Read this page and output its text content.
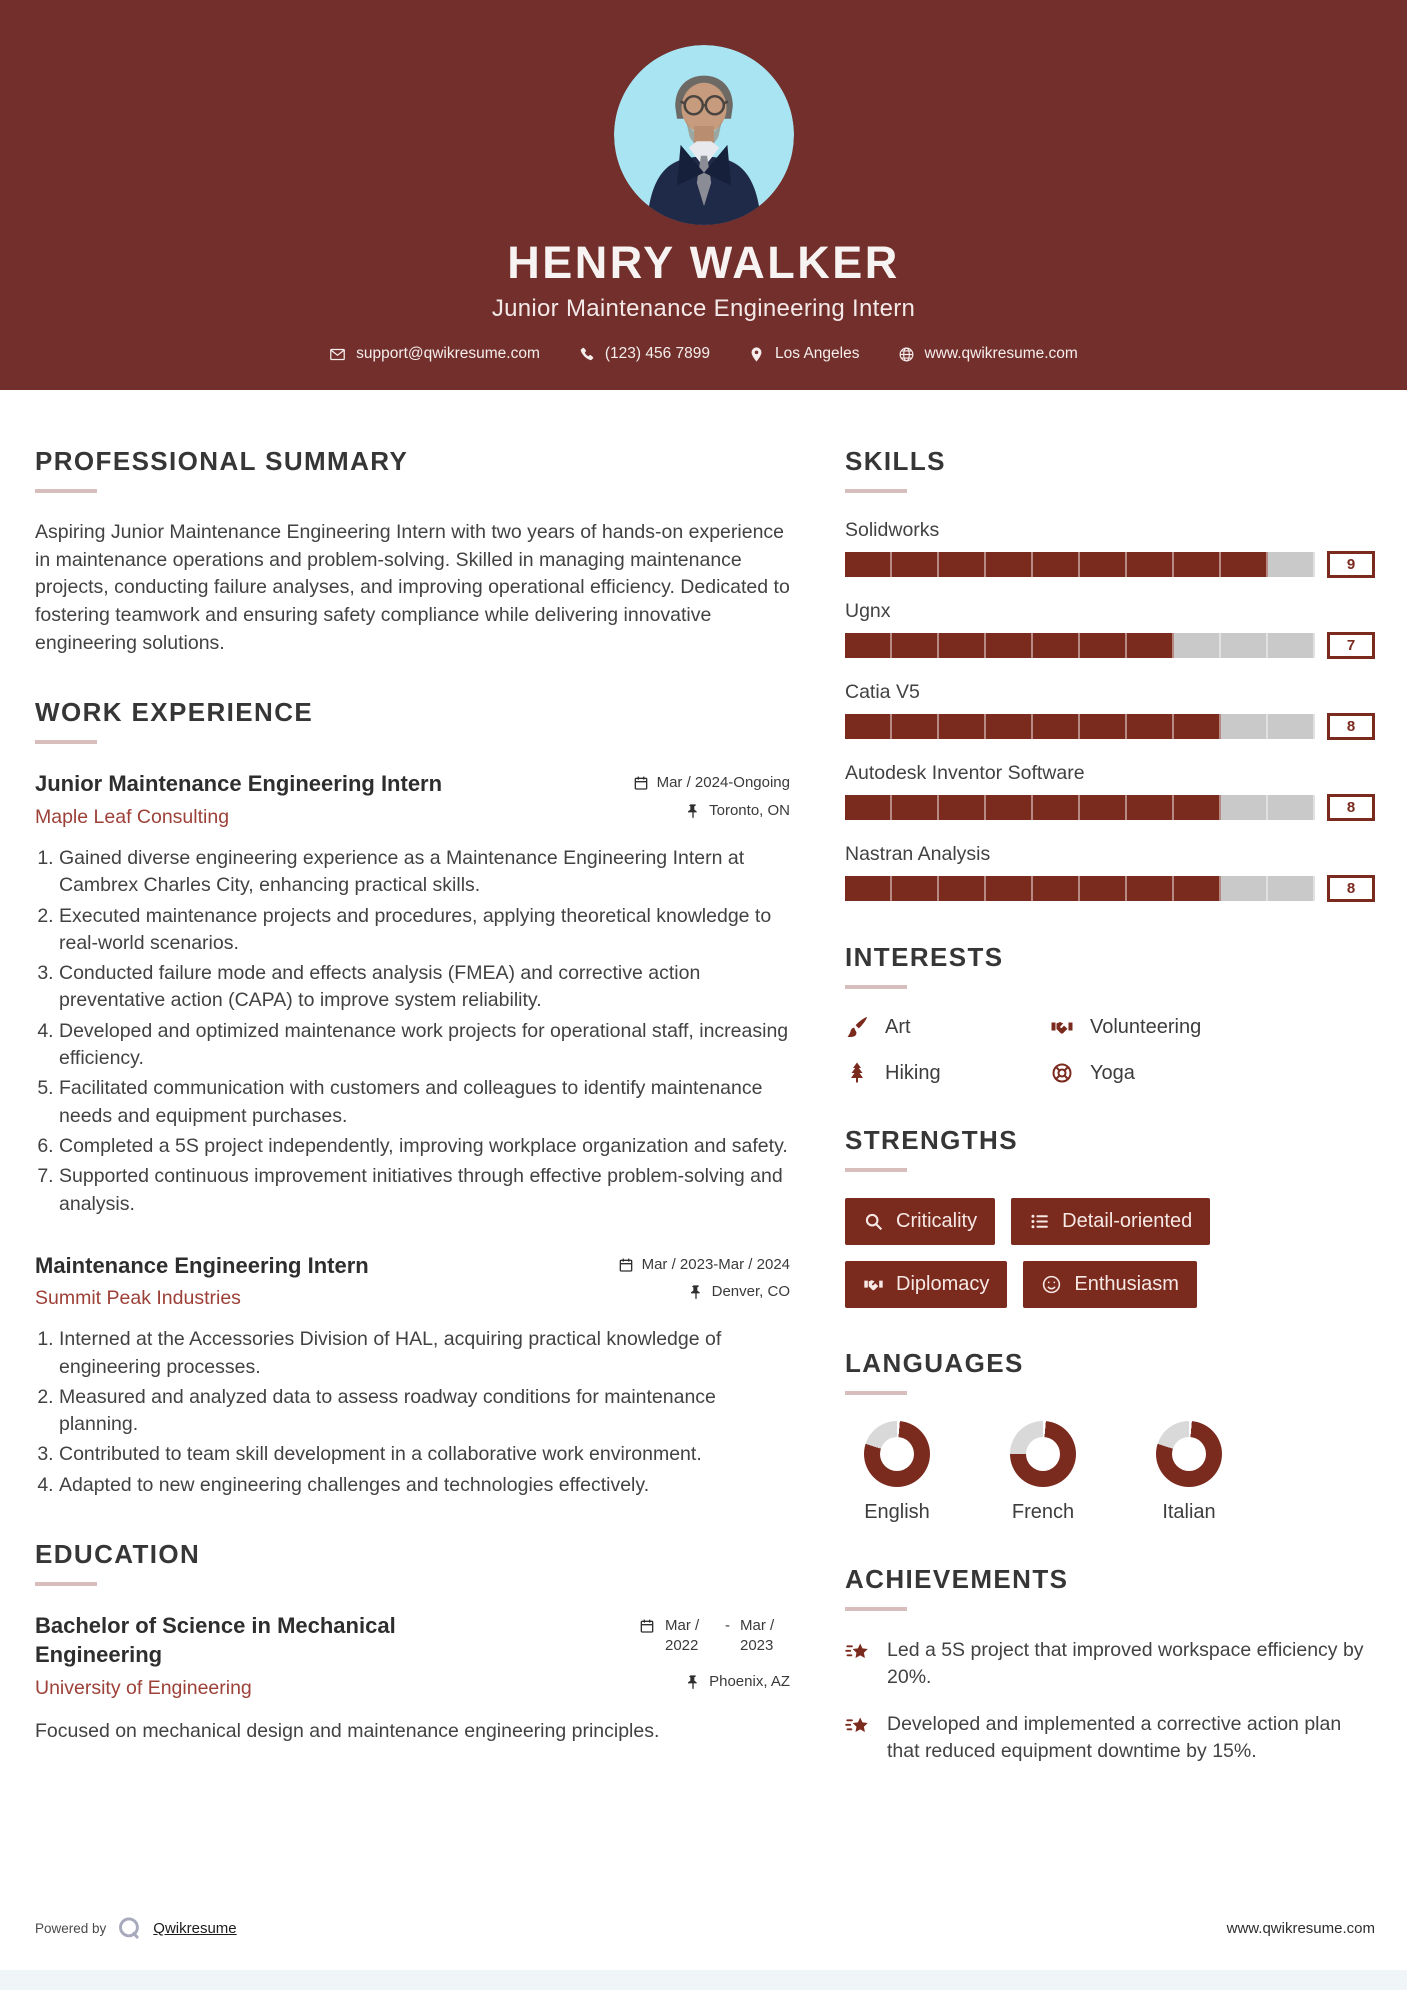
HENRY WALKER
Junior Maintenance Engineering Intern
support@qwikresume.com	(123) 456 7899	Los Angeles	www.qwikresume.com
PROFESSIONAL SUMMARY

Aspiring Junior Maintenance Engineering Intern with two years of hands-on experience in maintenance operations and problem-solving. Skilled in managing maintenance projects, conducting failure analyses, and improving operational efficiency. Dedicated to fostering teamwork and ensuring safety compliance while delivering innovative engineering solutions.

WORK EXPERIENCE
Junior Maintenance Engineering Intern	Mar / 2024-Ongoing
Maple Leaf Consulting	Toronto, ON
1. Gained diverse engineering experience as a Maintenance Engineering Intern at Cambrex Charles City, enhancing practical skills.
2. Executed maintenance projects and procedures, applying theoretical knowledge to real-world scenarios.
3. Conducted failure mode and effects analysis (FMEA) and corrective action preventative action (CAPA) to improve system reliability.
4. Developed and optimized maintenance work projects for operational staff, increasing efficiency.
5. Facilitated communication with customers and colleagues to identify maintenance needs and equipment purchases.
6. Completed a 5S project independently, improving workplace organization and safety.
7. Supported continuous improvement initiatives through effective problem-solving and analysis.
Maintenance Engineering Intern	Mar / 2023-Mar / 2024
Summit Peak Industries	Denver, CO
1. Interned at the Accessories Division of HAL, acquiring practical knowledge of engineering processes.
2. Measured and analyzed data to assess roadway conditions for maintenance planning.
3. Contributed to team skill development in a collaborative work environment.
4. Adapted to new engineering challenges and technologies effectively.
EDUCATION
Bachelor of Science in Mechanical Engineering
Mar / 2022
- Mar / 2023
University of Engineering	Phoenix, AZ

Focused on mechanical design and maintenance engineering principles.

SKILLS
Solidworks
9
Ugnx
7
Catia V5
8
Autodesk Inventor Software
8
Nastran Analysis
8
INTERESTS
Art	Volunteering
Hiking	Yoga
STRENGTHS
Criticality	Detail-oriented
Diplomacy	Enthusiasm
LANGUAGES
English	French	Italian
ACHIEVEMENTS
Led a 5S project that improved workspace efficiency by 20%.
Developed and implemented a corrective action plan that reduced equipment downtime by 15%.
Powered by	Qwikresume	www.qwikresume.com
